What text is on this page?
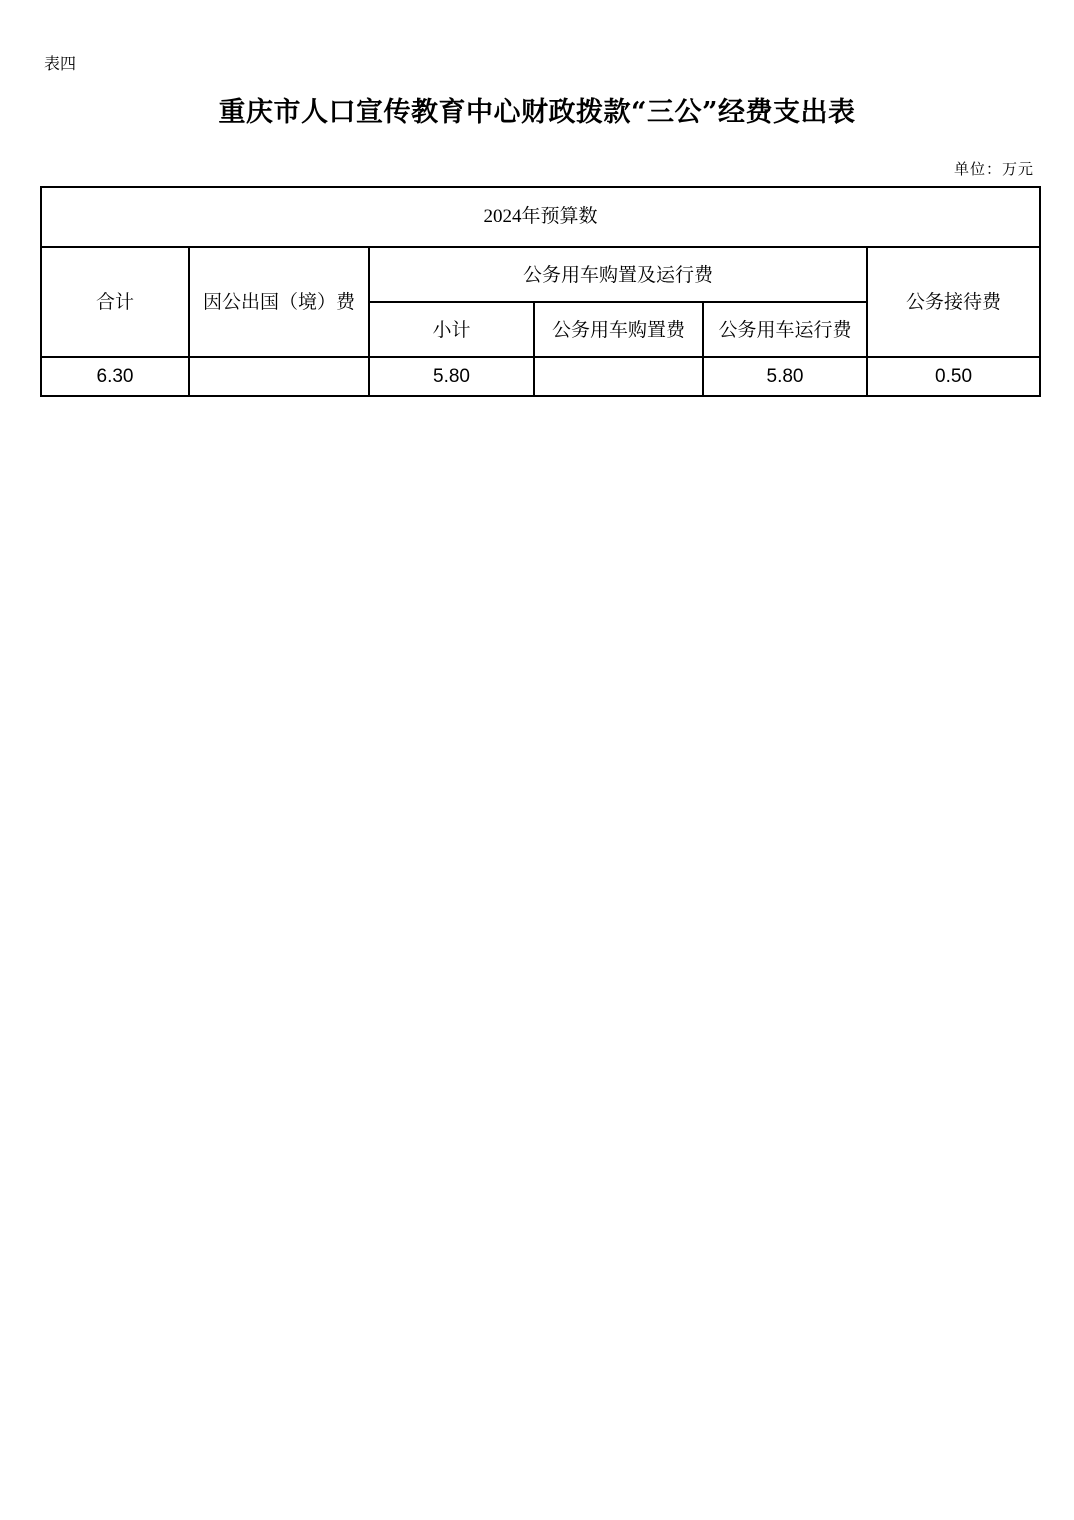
表四
重庆市人口宣传教育中心财政拨款“三公”经费支出表
单位：万元
2024年预算数					
合计	因公出国（境）费	公务用车购置及运行费			公务接待费
		小计	公务用车购置费	公务用车运行费	
6.30		5.80		5.80	0.50
